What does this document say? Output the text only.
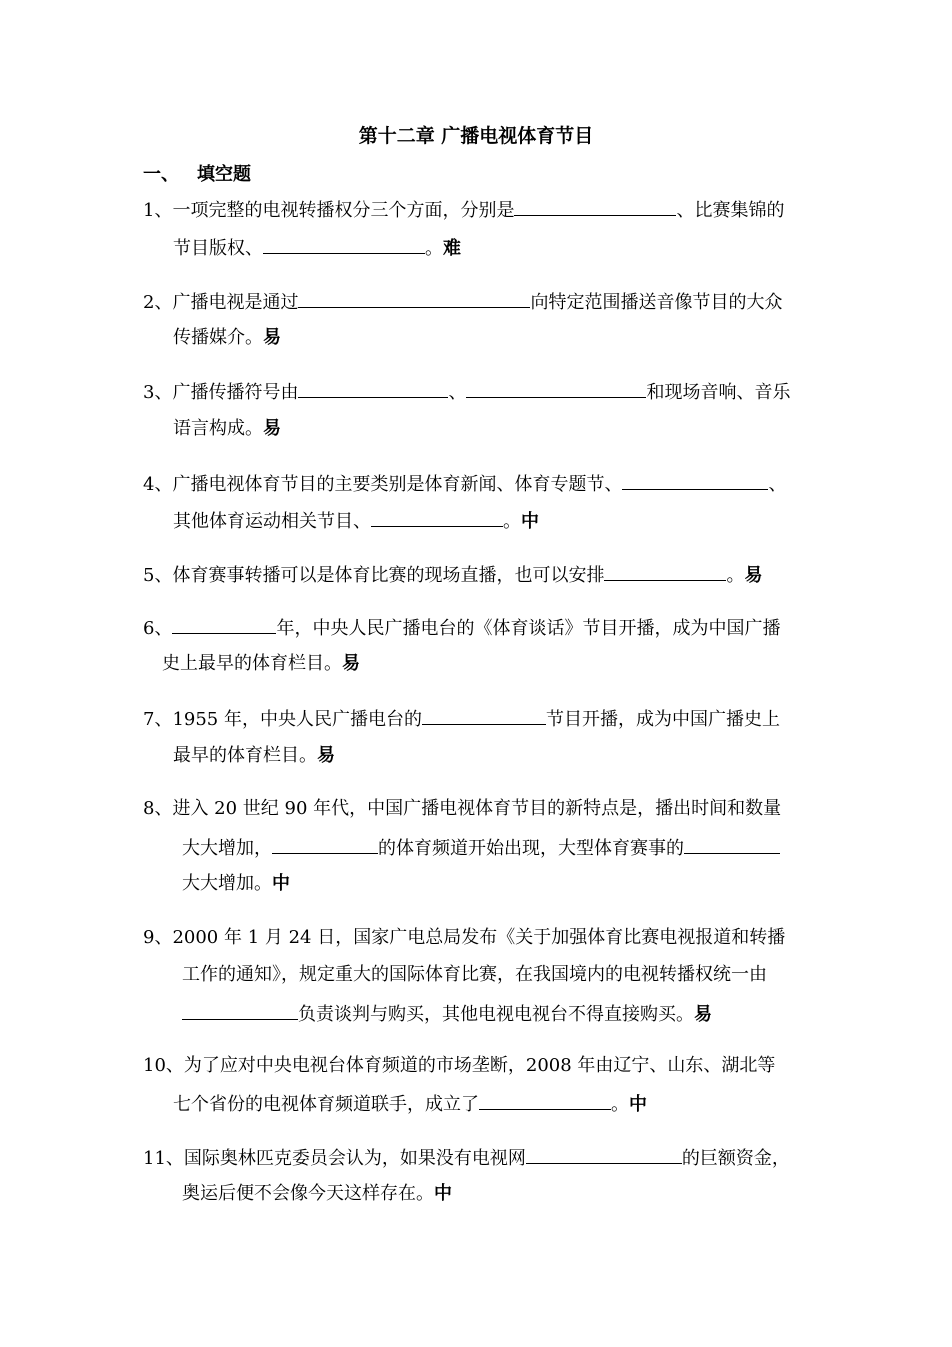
第十二章 广播电视体育节目
一、 填空题
1、一项完整的电视转播权分三个方面，分别是	、比赛集锦的
节目版权、	。难
2、广播电视是通过	向特定范围播送音像节目的大众
传播媒介。易
3、广播传播符号由	、	和现场音响、音乐
语言构成。易
4、广播电视体育节目的主要类别是体育新闻、体育专题节、	、
其他体育运动相关节目、	。中
5、体育赛事转播可以是体育比赛的现场直播，也可以安排	。易
6、	年，中央人民广播电台的《体育谈话》节目开播，成为中国广播
史上最早的体育栏目。易
7、1955 年，中央人民广播电台的	节目开播，成为中国广播史上
最早的体育栏目。易
8、进入 20 世纪 90 年代，中国广播电视体育节目的新特点是，播出时间和数量
大大增加，	的体育频道开始出现，大型体育赛事的
大大增加。中
9、2000 年 1 月 24 日，国家广电总局发布《关于加强体育比赛电视报道和转播
工作的通知》，规定重大的国际体育比赛，在我国境内的电视转播权统一由
负责谈判与购买，其他电视电视台不得直接购买。易
10、为了应对中央电视台体育频道的市场垄断，2008 年由辽宁、山东、湖北等
七个省份的电视体育频道联手，成立了	。中
11、国际奥林匹克委员会认为，如果没有电视网	的巨额资金，
奥运后便不会像今天这样存在。中
